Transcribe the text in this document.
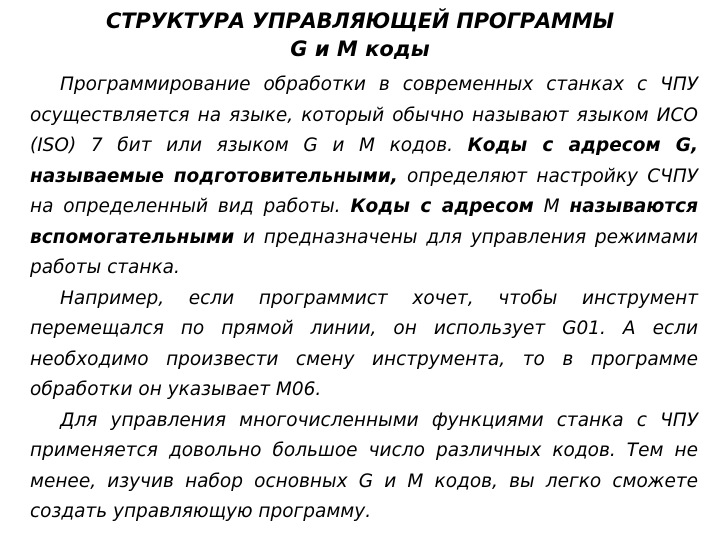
СТРУКТУРА УПРАВЛЯЮЩЕЙ ПРОГРАММЫ

G и M коды

Программирование обработки в современных станках с ЧПУ осуществляется на языке, который обычно называют языком ИСО (ISO) 7 бит или языком G и M кодов. Коды с адресом G, называемые подготовительными, определяют настройку СЧПУ на определенный вид работы. Коды с адресом М называются вспомогательными и предназначены для управления режимами работы станка.

Например, если программист хочет, чтобы инструмент перемещался по прямой линии, он использует G01. А если необходимо произвести смену инструмента, то в программе обработки он указывает М06.

Для управления многочисленными функциями станка с ЧПУ применяется довольно большое число различных кодов. Тем не менее, изучив набор основных G и M кодов, вы легко сможете создать управляющую программу.
